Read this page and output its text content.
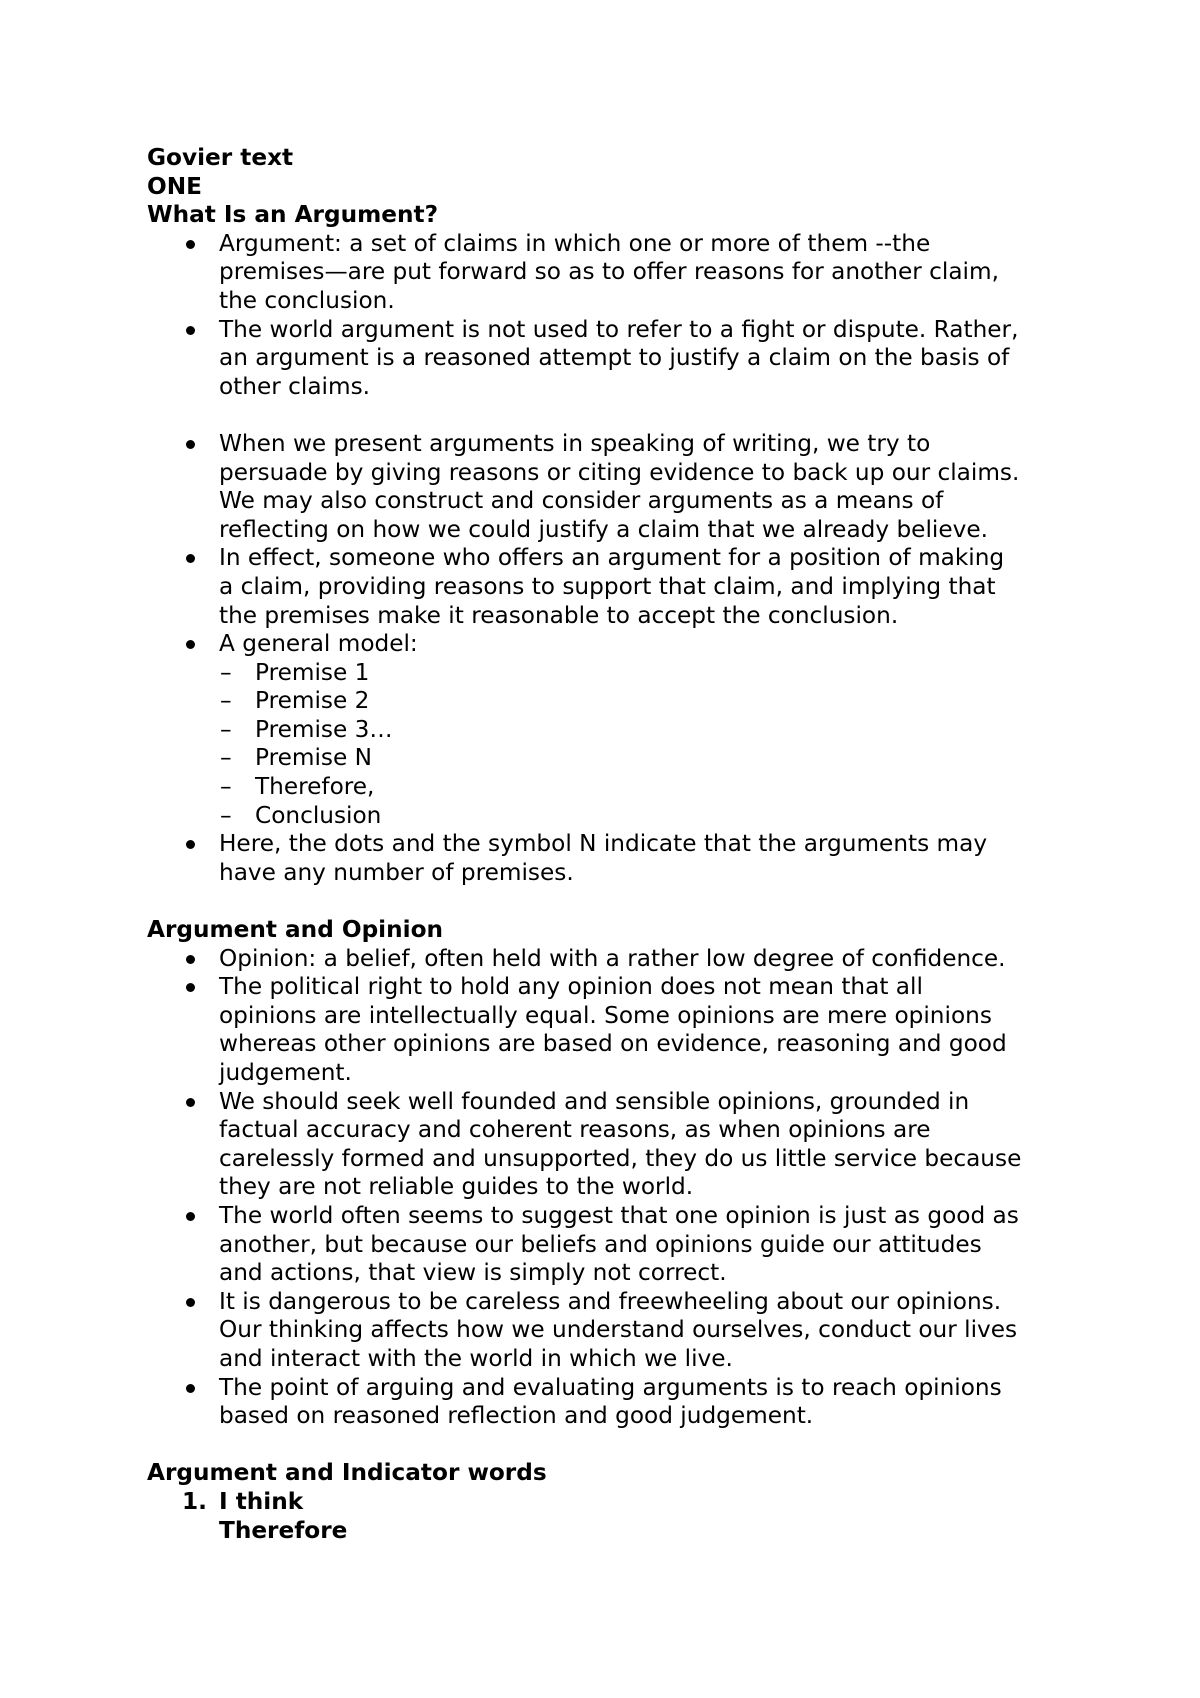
Govier text
ONE
What Is an Argument?
Argument: a set of claims in which one or more of them --the
premises—are put forward so as to offer reasons for another claim,
the conclusion.
The world argument is not used to refer to a fight or dispute. Rather,
an argument is a reasoned attempt to justify a claim on the basis of
other claims.
When we present arguments in speaking of writing, we try to
persuade by giving reasons or citing evidence to back up our claims.
We may also construct and consider arguments as a means of
reflecting on how we could justify a claim that we already believe.
In effect, someone who offers an argument for a position of making
a claim, providing reasons to support that claim, and implying that
the premises make it reasonable to accept the conclusion.
A general model:
– Premise 1
– Premise 2
– Premise 3…
– Premise N
– Therefore,
– Conclusion
Here, the dots and the symbol N indicate that the arguments may
have any number of premises.
Argument and Opinion
Opinion: a belief, often held with a rather low degree of confidence.
The political right to hold any opinion does not mean that all
opinions are intellectually equal. Some opinions are mere opinions
whereas other opinions are based on evidence, reasoning and good
judgement.
We should seek well founded and sensible opinions, grounded in
factual accuracy and coherent reasons, as when opinions are
carelessly formed and unsupported, they do us little service because
they are not reliable guides to the world.
The world often seems to suggest that one opinion is just as good as
another, but because our beliefs and opinions guide our attitudes
and actions, that view is simply not correct.
It is dangerous to be careless and freewheeling about our opinions.
Our thinking affects how we understand ourselves, conduct our lives
and interact with the world in which we live.
The point of arguing and evaluating arguments is to reach opinions
based on reasoned reflection and good judgement.
Argument and Indicator words
1. I think
Therefore
